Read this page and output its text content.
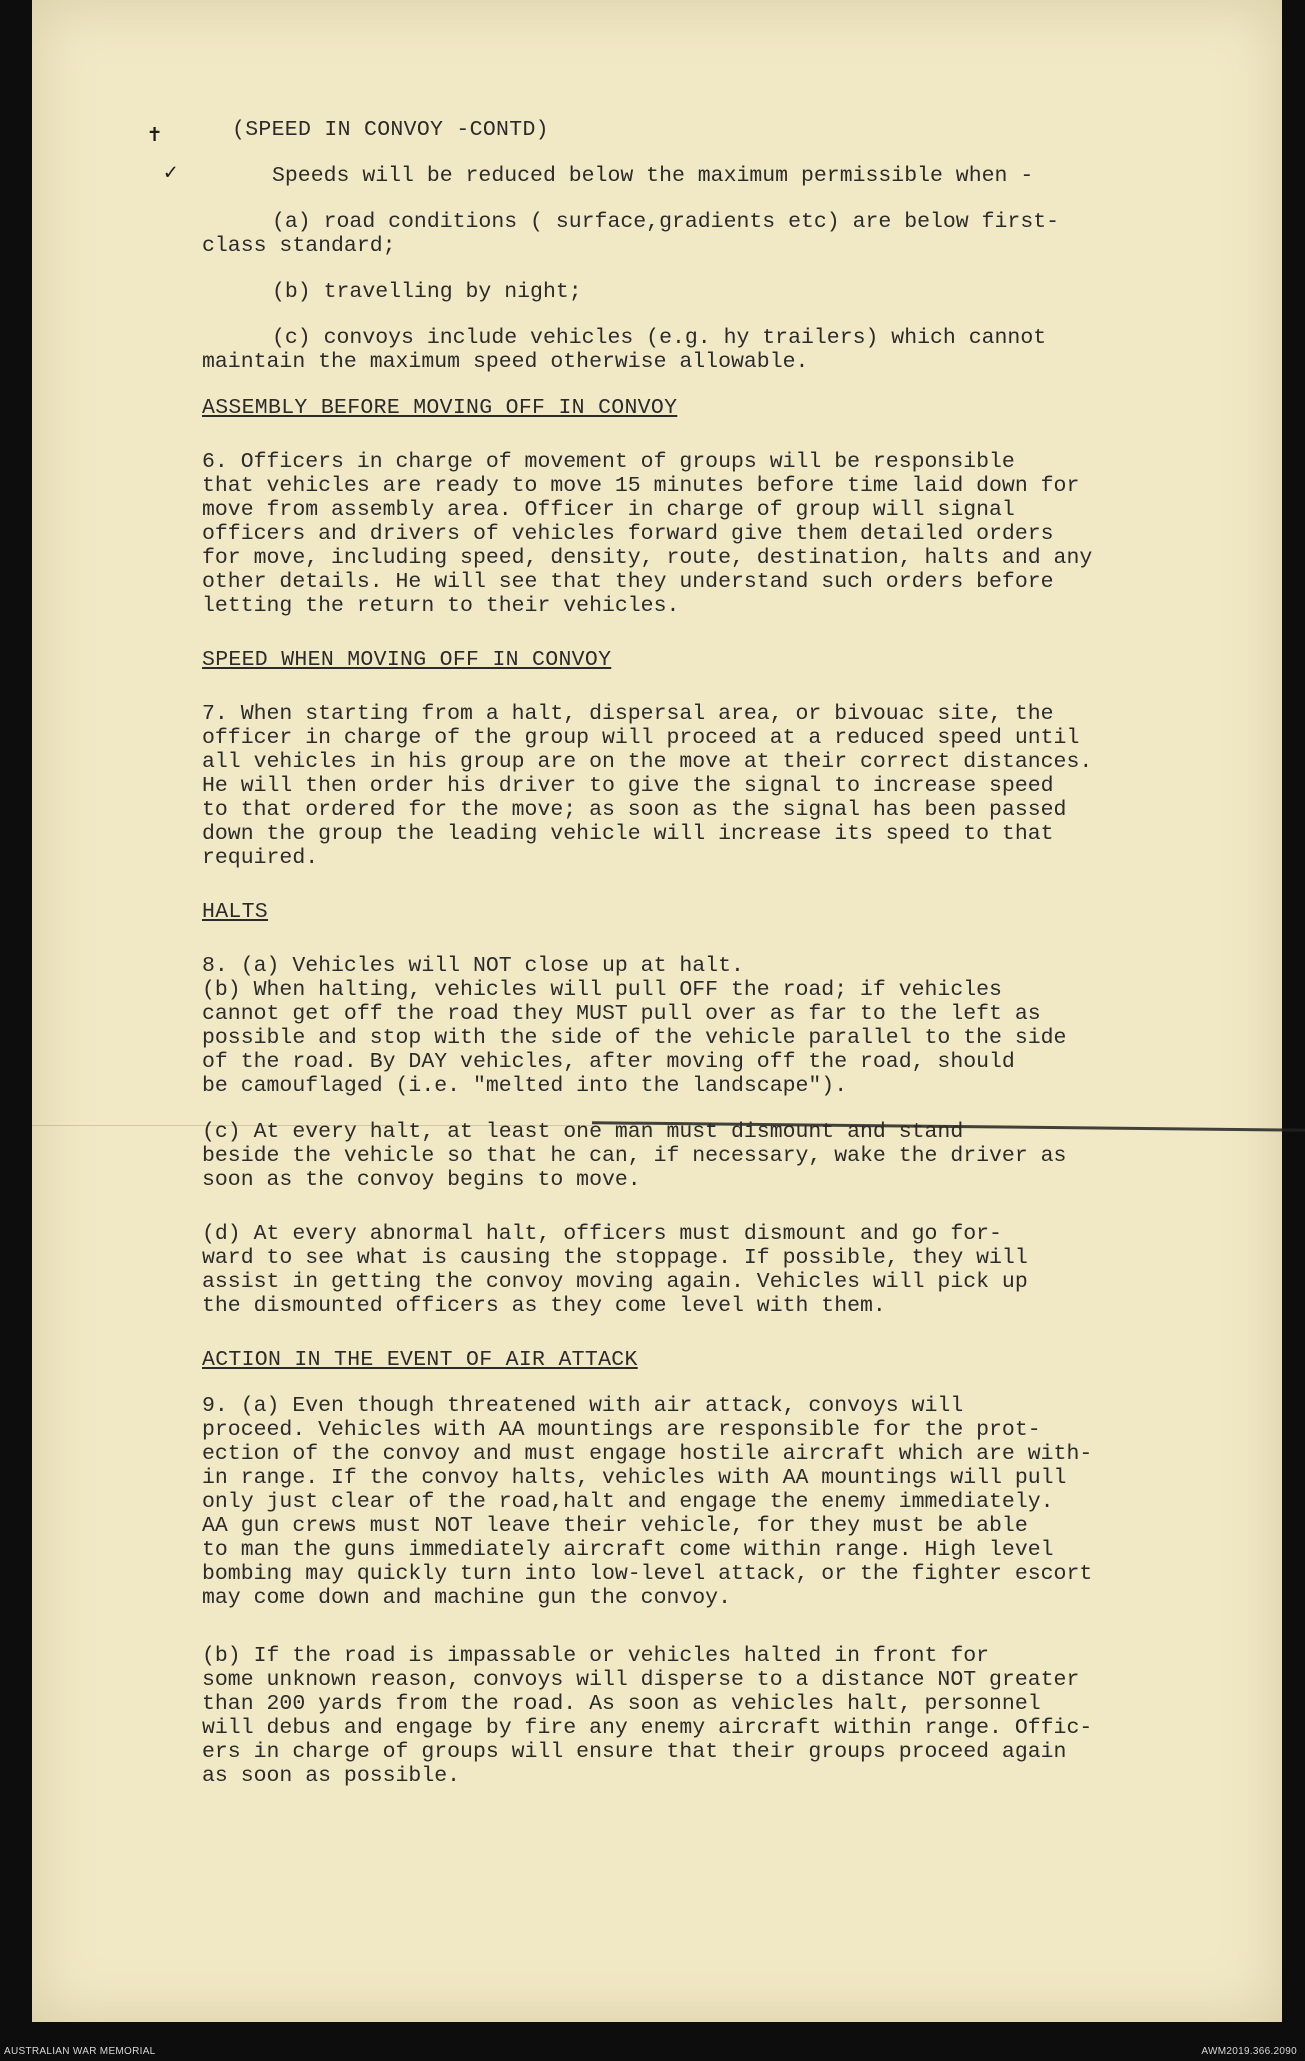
✝
✓

(SPEED IN CONVOY -CONTD)

Speeds will be reduced below the maximum permissible when -

(a) road conditions ( surface,gradients etc) are below first-
class standard;

(b) travelling by night;

(c) convoys include vehicles (e.g. hy trailers) which cannot
maintain the maximum speed otherwise allowable.

ASSEMBLY BEFORE MOVING OFF IN CONVOY

6. Officers in charge of movement of groups will be responsible
that vehicles are ready to move 15 minutes before time laid down for
move from assembly area. Officer in charge of group will signal
officers and drivers of vehicles forward give them detailed orders
for move, including speed, density, route, destination, halts and any
other details. He will see that they understand such orders before
letting the return to their vehicles.

SPEED WHEN MOVING OFF IN CONVOY

7. When starting from a halt, dispersal area, or bivouac site, the
officer in charge of the group will proceed at a reduced speed until
all vehicles in his group are on the move at their correct distances.
He will then order his driver to give the signal to increase speed
to that ordered for the move; as soon as the signal has been passed
down the group the leading vehicle will increase its speed to that
required.

HALTS

8. (a) Vehicles will NOT close up at halt.
(b) When halting, vehicles will pull OFF the road; if vehicles
cannot get off the road they MUST pull over as far to the left as
possible and stop with the side of the vehicle parallel to the side
of the road. By DAY vehicles, after moving off the road, should
be camouflaged (i.e. "melted into the landscape").

(c) At every halt, at least one man must dismount and stand
beside the vehicle so that he can, if necessary, wake the driver as
soon as the convoy begins to move.

(d) At every abnormal halt, officers must dismount and go for-
ward to see what is causing the stoppage. If possible, they will
assist in getting the convoy moving again. Vehicles will pick up
the dismounted officers as they come level with them.

ACTION IN THE EVENT OF AIR ATTACK

9. (a) Even though threatened with air attack, convoys will
proceed. Vehicles with AA mountings are responsible for the prot-
ection of the convoy and must engage hostile aircraft which are with-
in range. If the convoy halts, vehicles with AA mountings will pull
only just clear of the road,halt and engage the enemy immediately.
AA gun crews must NOT leave their vehicle, for they must be able
to man the guns immediately aircraft come within range. High level
bombing may quickly turn into low-level attack, or the fighter escort
may come down and machine gun the convoy.

(b) If the road is impassable or vehicles halted in front for
some unknown reason, convoys will disperse to a distance NOT greater
than 200 yards from the road. As soon as vehicles halt, personnel
will debus and engage by fire any enemy aircraft within range. Offic-
ers in charge of groups will ensure that their groups proceed again
as soon as possible.

AUSTRALIAN WAR MEMORIAL	AWM2019.366.2090
